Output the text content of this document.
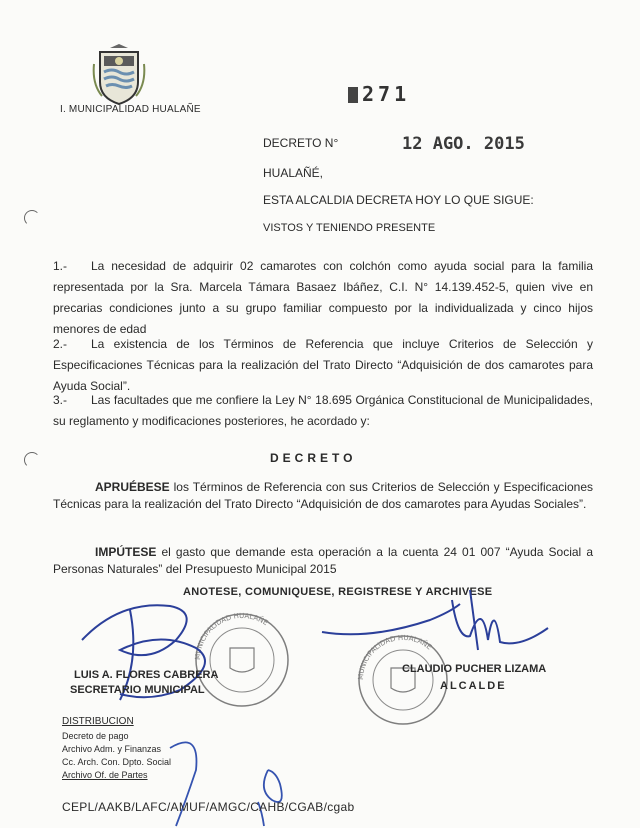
I. MUNICIPALIDAD HUALAÑE
271
DECRETO N°	12 AGO. 2015
HUALAÑÉ,
ESTA ALCALDIA DECRETA HOY LO QUE SIGUE:
VISTOS Y TENIENDO PRESENTE
1.- La necesidad de adquirir 02 camarotes con colchón como ayuda social para la familia representada por la Sra. Marcela Támara Basaez Ibáñez, C.I. N° 14.139.452-5, quien vive en precarias condiciones junto a su grupo familiar compuesto por la individualizada y cinco hijos menores de edad
2.- La existencia de los Términos de Referencia que incluye Criterios de Selección y Especificaciones Técnicas para la realización del Trato Directo “Adquisición de dos camarotes para Ayuda Social”.
3.- Las facultades que me confiere la Ley N° 18.695 Orgánica Constitucional de Municipalidades, su reglamento y modificaciones posteriores, he acordado y:
DECRETO
APRUÉBESE los Términos de Referencia con sus Criterios de Selección y Especificaciones Técnicas para la realización del Trato Directo “Adquisición de dos camarotes para Ayudas Sociales”.
IMPÚTESE el gasto que demande esta operación a la cuenta 24 01 007 “Ayuda Social a Personas Naturales” del Presupuesto Municipal 2015
ANOTESE, COMUNIQUESE, REGISTRESE Y ARCHIVESE
MUNICIPALIDAD HUALAÑE
MUNICIPALIDAD HUALAÑE
LUIS A. FLORES CABRERA
SECRETARIO MUNICIPAL
CLAUDIO PUCHER LIZAMA
ALCALDE
DISTRIBUCION
Decreto de pago
Archivo Adm. y Finanzas
Cc. Arch. Con. Dpto. Social
Archivo Of. de Partes
CEPL/AAKB/LAFC/AMUF/AMGC/CAHB/CGAB/cgab
